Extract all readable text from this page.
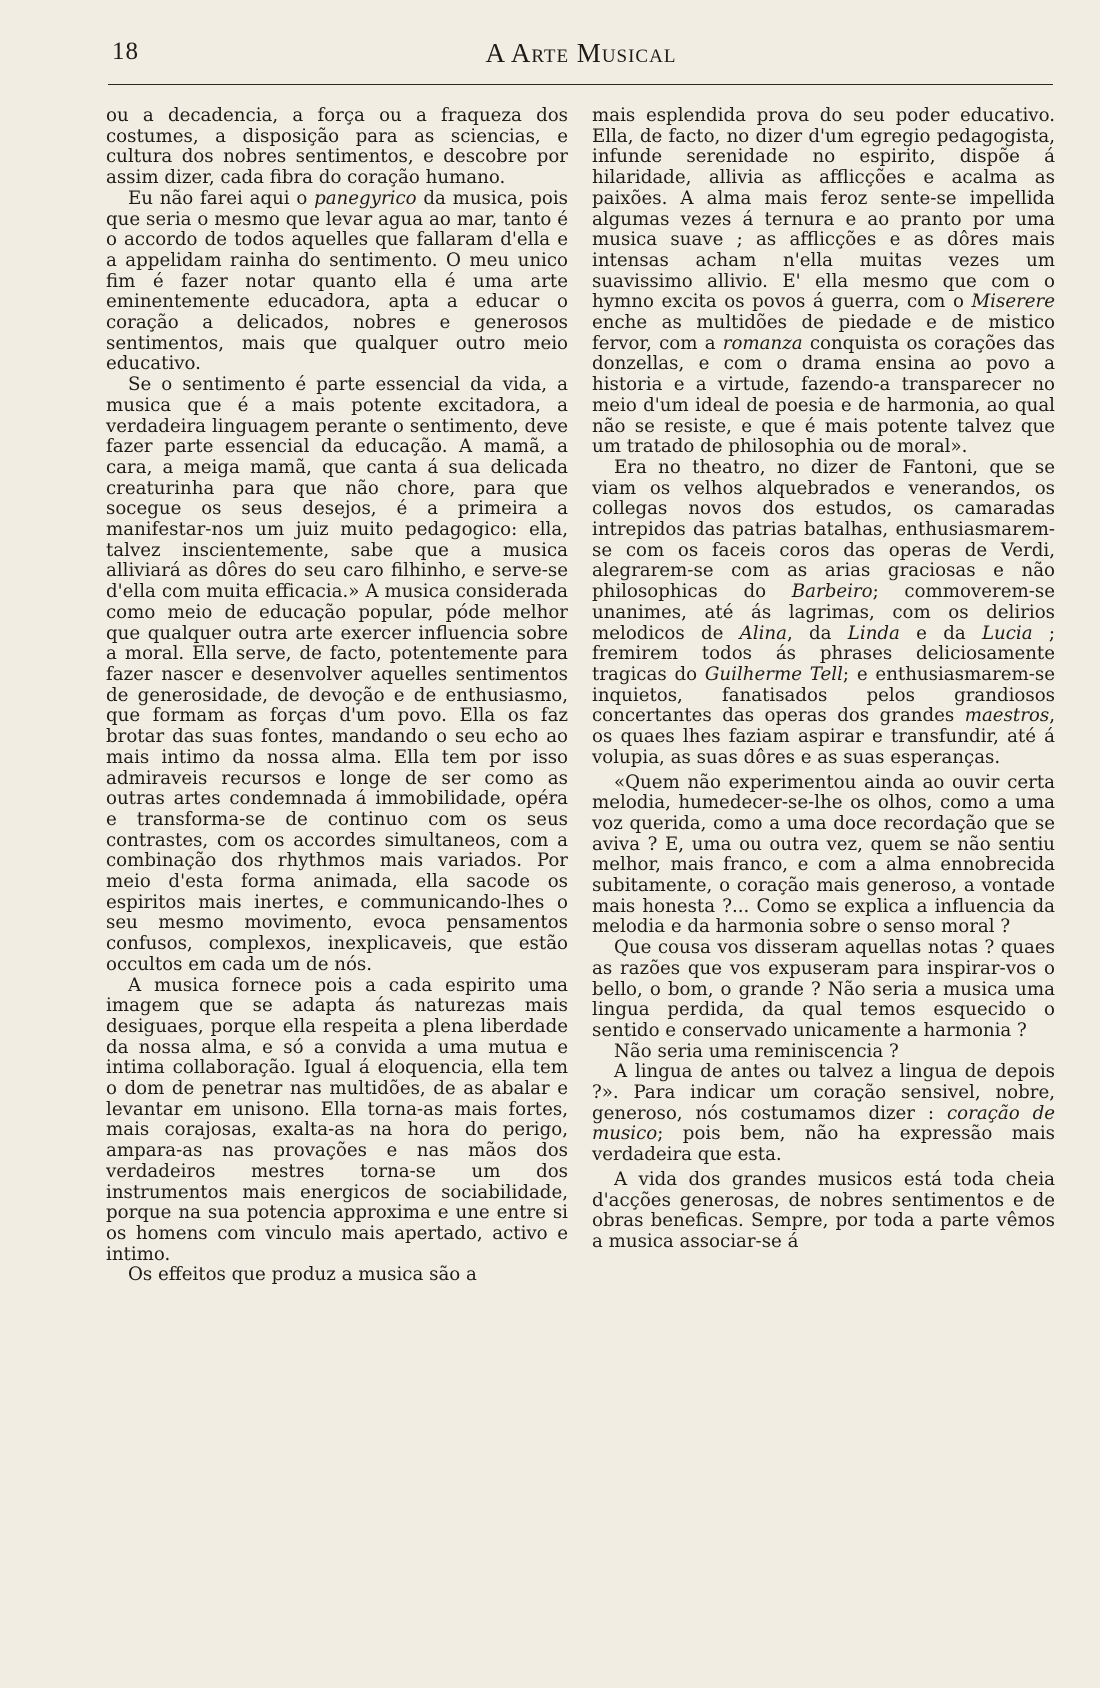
18	A Arte Musical

ou a decadencia, a força ou a fraqueza dos costumes, a disposição para as sciencias, e cultura dos nobres sentimentos, e descobre por assim dizer, cada fibra do coração humano.

Eu não farei aqui o panegyrico da musica, pois que seria o mesmo que levar agua ao mar, tanto é o accordo de todos aquelles que fallaram d'ella e a appelidam rainha do sentimento. O meu unico fim é fazer notar quanto ella é uma arte eminentemente educadora, apta a educar o coração a delicados, nobres e generosos sentimentos, mais que qualquer outro meio educativo.

Se o sentimento é parte essencial da vida, a musica que é a mais potente excitadora, a verdadeira linguagem perante o sentimento, deve fazer parte essencial da educação. A mamã, a cara, a meiga mamã, que canta á sua delicada creaturinha para que não chore, para que socegue os seus desejos, é a primeira a manifestar-nos um juiz muito pedagogico: ella, talvez inscientemente, sabe que a musica alliviará as dôres do seu caro filhinho, e serve-se d'ella com muita efficacia.» A musica considerada como meio de educação popular, póde melhor que qualquer outra arte exercer influencia sobre a moral. Ella serve, de facto, potentemente para fazer nascer e desenvolver aquelles sentimentos de generosidade, de devoção e de enthusiasmo, que formam as forças d'um povo. Ella os faz brotar das suas fontes, mandando o seu echo ao mais intimo da nossa alma. Ella tem por isso admiraveis recursos e longe de ser como as outras artes condemnada á immobilidade, opéra e transforma-se de continuo com os seus contrastes, com os accordes simultaneos, com a combinação dos rhythmos mais variados. Por meio d'esta forma animada, ella sacode os espiritos mais inertes, e communicando-lhes o seu mesmo movimento, evoca pensamentos confusos, complexos, inexplicaveis, que estão occultos em cada um de nós.

A musica fornece pois a cada espirito uma imagem que se adapta ás naturezas mais desiguaes, porque ella respeita a plena liberdade da nossa alma, e só a convida a uma mutua e intima collaboração. Igual á eloquencia, ella tem o dom de penetrar nas multidões, de as abalar e levantar em unisono. Ella torna-as mais fortes, mais corajosas, exalta-as na hora do perigo, ampara-as nas provações e nas mãos dos verdadeiros mestres torna-se um dos instrumentos mais energicos de sociabilidade, porque na sua potencia approxima e une entre si os homens com vinculo mais apertado, activo e intimo.

Os effeitos que produz a musica são a

mais esplendida prova do seu poder educativo. Ella, de facto, no dizer d'um egregio pedagogista, infunde serenidade no espirito, dispõe á hilaridade, allivia as afflicções e acalma as paixões. A alma mais feroz sente-se impellida algumas vezes á ternura e ao pranto por uma musica suave ; as afflicções e as dôres mais intensas acham n'ella muitas vezes um suavissimo allivio. E' ella mesmo que com o hymno excita os povos á guerra, com o Miserere enche as multidões de piedade e de mistico fervor, com a romanza conquista os corações das donzellas, e com o drama ensina ao povo a historia e a virtude, fazendo-a transparecer no meio d'um ideal de poesia e de harmonia, ao qual não se resiste, e que é mais potente talvez que um tratado de philosophia ou de moral».

Era no theatro, no dizer de Fantoni, que se viam os velhos alquebrados e venerandos, os collegas novos dos estudos, os camaradas intrepidos das patrias batalhas, enthusiasmarem-se com os faceis coros das operas de Verdi, alegrarem-se com as arias graciosas e não philosophicas do Barbeiro; commoverem-se unanimes, até ás lagrimas, com os delirios melodicos de Alina, da Linda e da Lucia ; fremirem todos ás phrases deliciosamente tragicas do Guilherme Tell; e enthusiasmarem-se inquietos, fanatisados pelos grandiosos concertantes das operas dos grandes maestros, os quaes lhes faziam aspirar e transfundir, até á volupia, as suas dôres e as suas esperanças.

«Quem não experimentou ainda ao ouvir certa melodia, humedecer-se-lhe os olhos, como a uma voz querida, como a uma doce recordação que se aviva ? E, uma ou outra vez, quem se não sentiu melhor, mais franco, e com a alma ennobrecida subitamente, o coração mais generoso, a vontade mais honesta ?... Como se explica a influencia da melodia e da harmonia sobre o senso moral ?

Que cousa vos disseram aquellas notas ? quaes as razões que vos expuseram para inspirar-vos o bello, o bom, o grande ? Não seria a musica uma lingua perdida, da qual temos esquecido o sentido e conservado unicamente a harmonia ?

Não seria uma reminiscencia ?

A lingua de antes ou talvez a lingua de depois ?». Para indicar um coração sensivel, nobre, generoso, nós costumamos dizer : coração de musico; pois bem, não ha expressão mais verdadeira que esta.

A vida dos grandes musicos está toda cheia d'acções generosas, de nobres sentimentos e de obras beneficas. Sempre, por toda a parte vêmos a musica associar-se á
